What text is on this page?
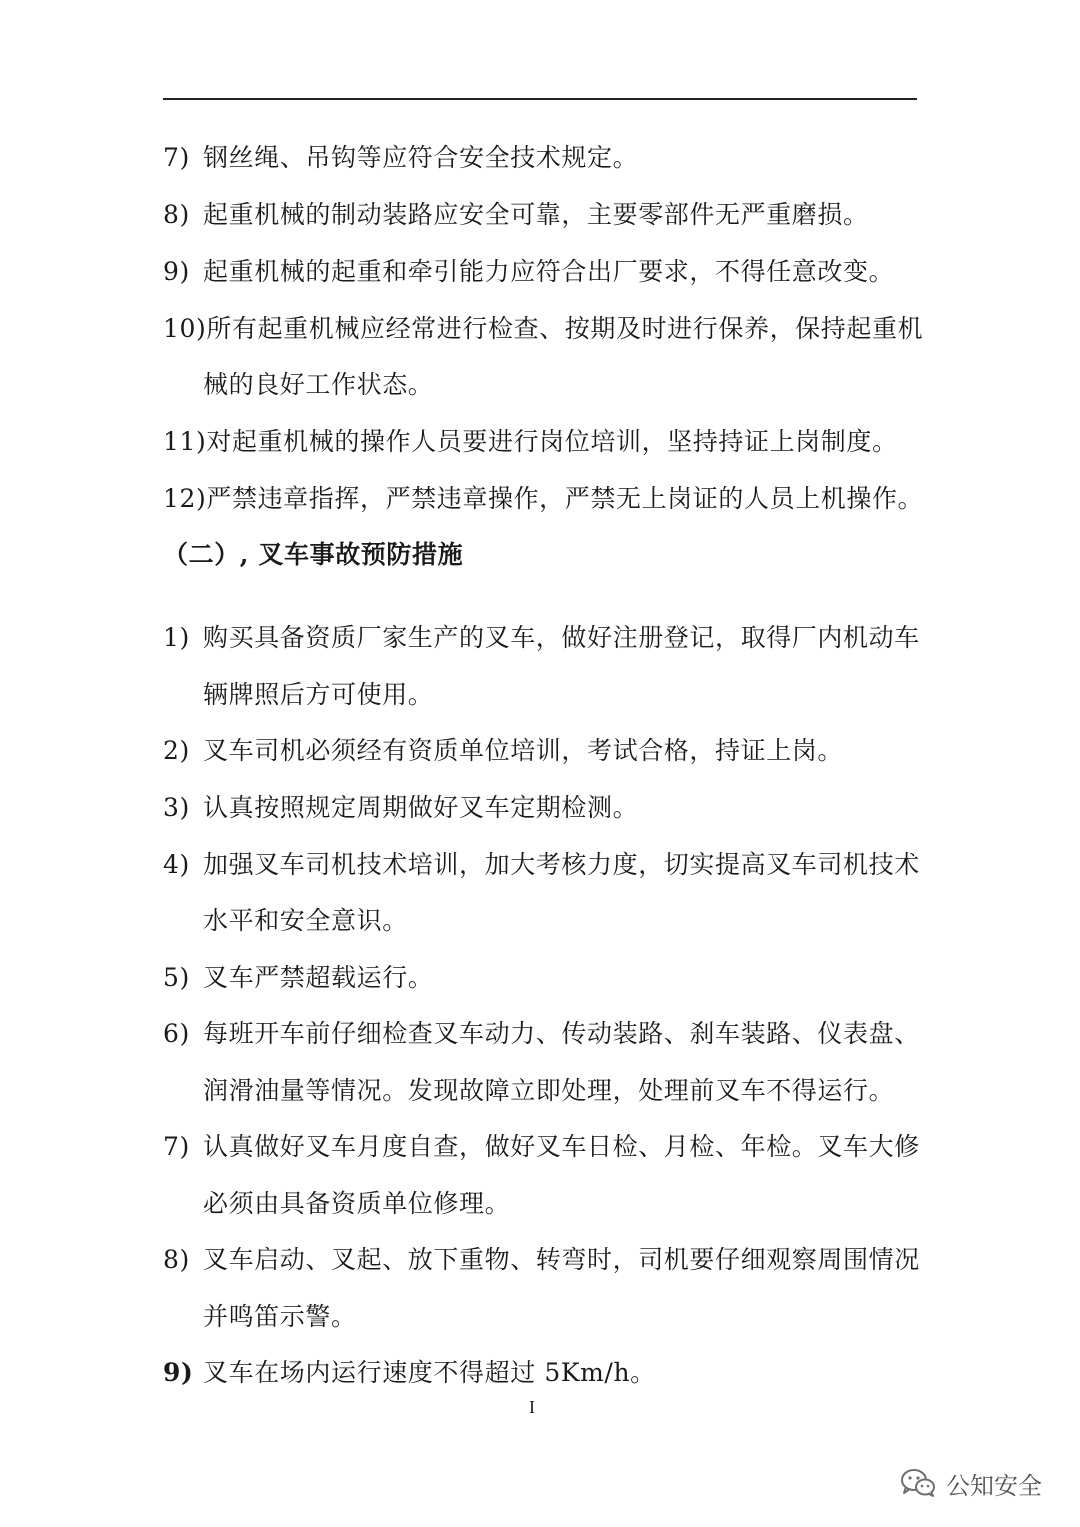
7) 钢丝绳、吊钩等应符合安全技术规定。
8) 起重机械的制动装路应安全可靠，主要零部件无严重磨损。
9) 起重机械的起重和牵引能力应符合出厂要求，不得任意改变。
10)所有起重机械应经常进行检查、按期及时进行保养，保持起重机
械的良好工作状态。
11)对起重机械的操作人员要进行岗位培训，坚持持证上岗制度。
12)严禁违章指挥，严禁违章操作，严禁无上岗证的人员上机操作。
（二）, 叉车事故预防措施
1) 购买具备资质厂家生产的叉车，做好注册登记，取得厂内机动车
辆牌照后方可使用。
2) 叉车司机必须经有资质单位培训，考试合格，持证上岗。
3) 认真按照规定周期做好叉车定期检测。
4) 加强叉车司机技术培训，加大考核力度，切实提高叉车司机技术
水平和安全意识。
5) 叉车严禁超载运行。
6) 每班开车前仔细检查叉车动力、传动装路、刹车装路、仪表盘、
润滑油量等情况。发现故障立即处理，处理前叉车不得运行。
7) 认真做好叉车月度自查，做好叉车日检、月检、年检。叉车大修
必须由具备资质单位修理。
8) 叉车启动、叉起、放下重物、转弯时，司机要仔细观察周围情况
并鸣笛示警。
9) 叉车在场内运行速度不得超过 5Km/h。
I
公知安全
